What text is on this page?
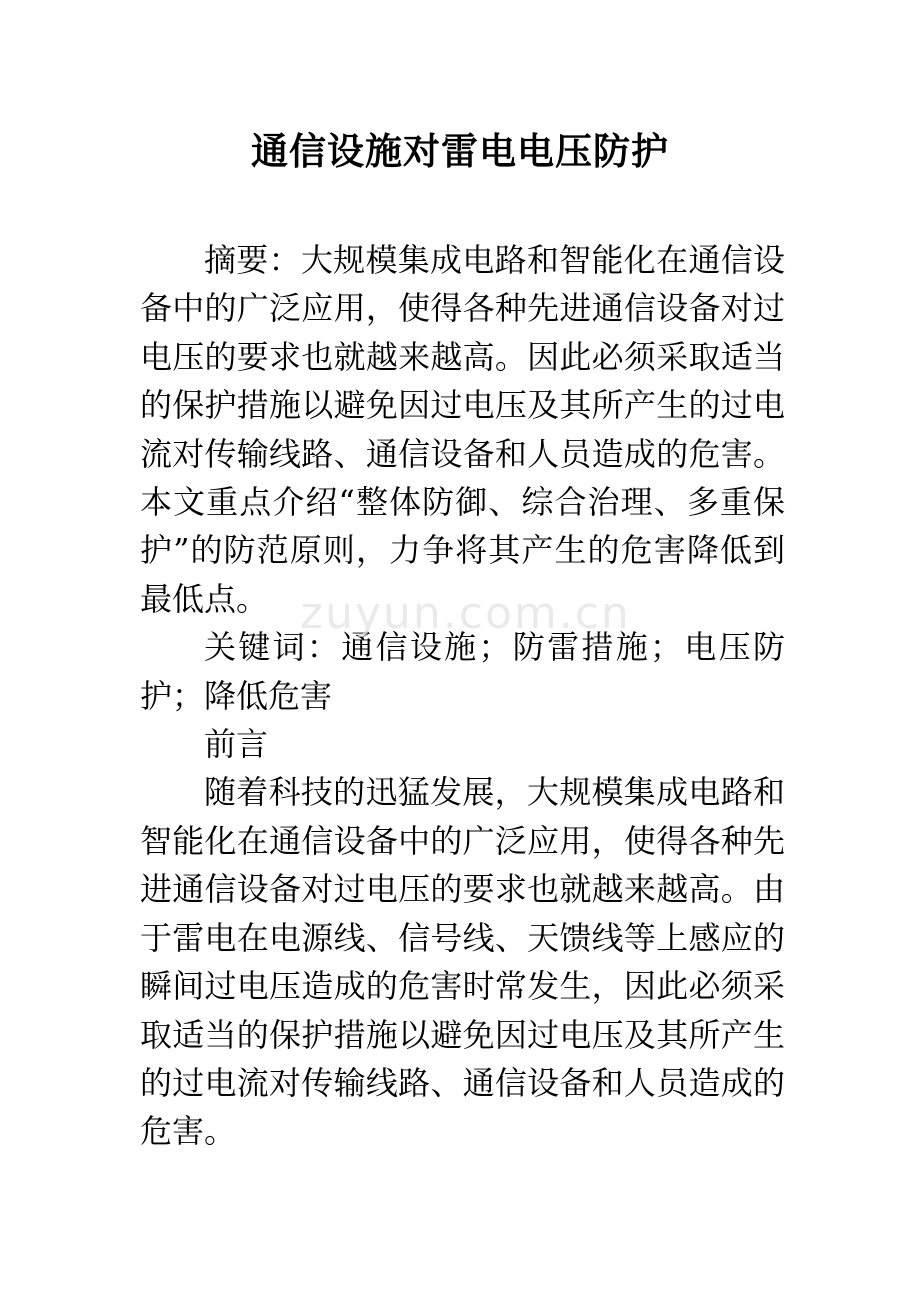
通信设施对雷电电压防护

摘要：大规模集成电路和智能化在通信设备中的广泛应用，使得各种先进通信设备对过电压的要求也就越来越高。因此必须采取适当的保护措施以避免因过电压及其所产生的过电流对传输线路、通信设备和人员造成的危害。本文重点介绍“整体防御、综合治理、多重保护”的防范原则，力争将其产生的危害降低到最低点。

关键词：通信设施；防雷措施；电压防护；降低危害

前言

随着科技的迅猛发展，大规模集成电路和智能化在通信设备中的广泛应用，使得各种先进通信设备对过电压的要求也就越来越高。由于雷电在电源线、信号线、天馈线等上感应的瞬间过电压造成的危害时常发生，因此必须采取适当的保护措施以避免因过电压及其所产生的过电流对传输线路、通信设备和人员造成的危害。

zuyun.com.cn
